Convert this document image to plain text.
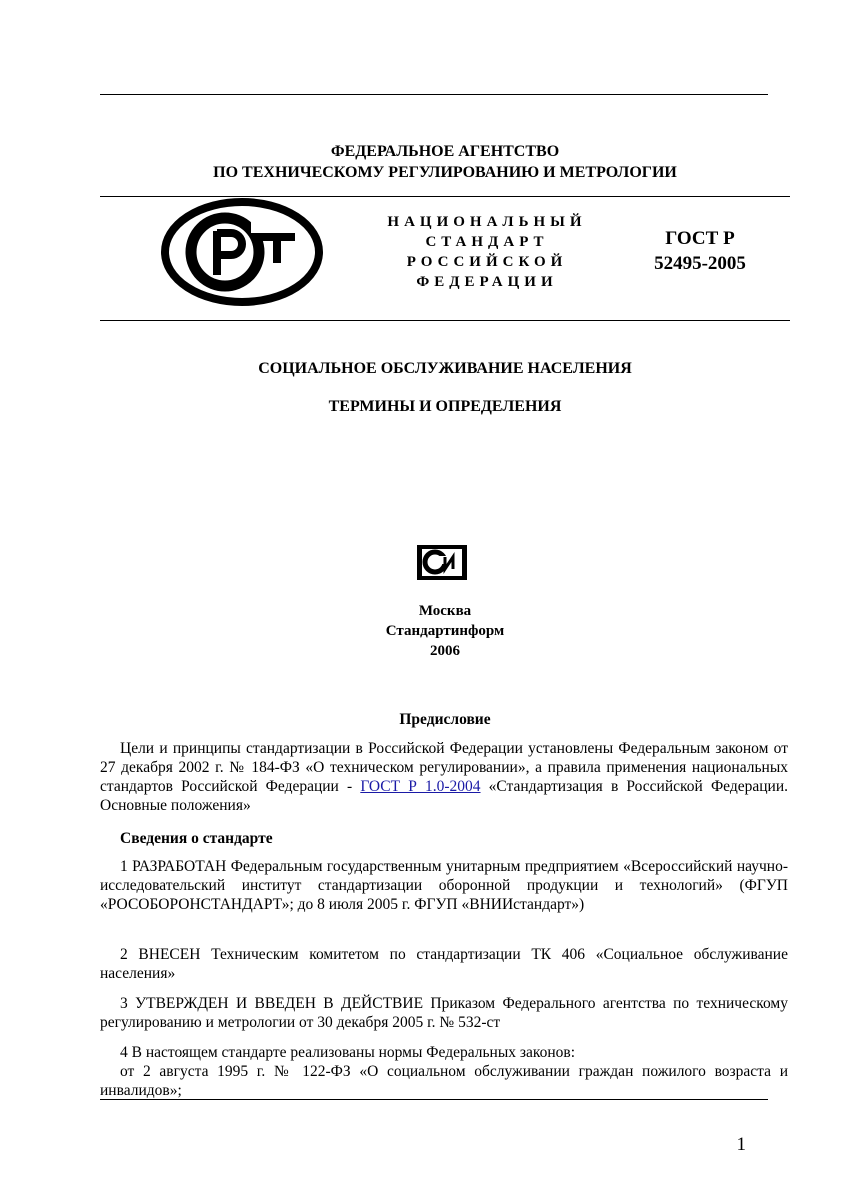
ФЕДЕРАЛЬНОЕ АГЕНТСТВО
ПО ТЕХНИЧЕСКОМУ РЕГУЛИРОВАНИЮ И МЕТРОЛОГИИ
НАЦИОНАЛЬНЫЙ
СТАНДАРТ
РОССИЙСКОЙ
ФЕДЕРАЦИИ
ГОСТ Р
52495-2005
СОЦИАЛЬНОЕ ОБСЛУЖИВАНИЕ НАСЕЛЕНИЯ
ТЕРМИНЫ И ОПРЕДЕЛЕНИЯ
Москва
Стандартинформ
2006
Предисловие
Цели и принципы стандартизации в Российской Федерации установлены Федеральным законом от 27 декабря 2002 г. № 184-ФЗ «О техническом регулировании», а правила применения национальных стандартов Российской Федерации - ГОСТ Р 1.0-2004 «Стандартизация в Российской Федерации. Основные положения»
Сведения о стандарте
1 РАЗРАБОТАН Федеральным государственным унитарным предприятием «Всероссийский научно-исследовательский институт стандартизации оборонной продукции и технологий» (ФГУП «РОСОБОРОНСТАНДАРТ»; до 8 июля 2005 г. ФГУП «ВНИИстандарт»)
2 ВНЕСЕН Техническим комитетом по стандартизации ТК 406 «Социальное обслуживание населения»
3 УТВЕРЖДЕН И ВВЕДЕН В ДЕЙСТВИЕ Приказом Федерального агентства по техническому регулированию и метрологии от 30 декабря 2005 г. № 532-ст
4 В настоящем стандарте реализованы нормы Федеральных законов:
от 2 августа 1995 г. № 122-ФЗ «О социальном обслуживании граждан пожилого возраста и инвалидов»;
1
